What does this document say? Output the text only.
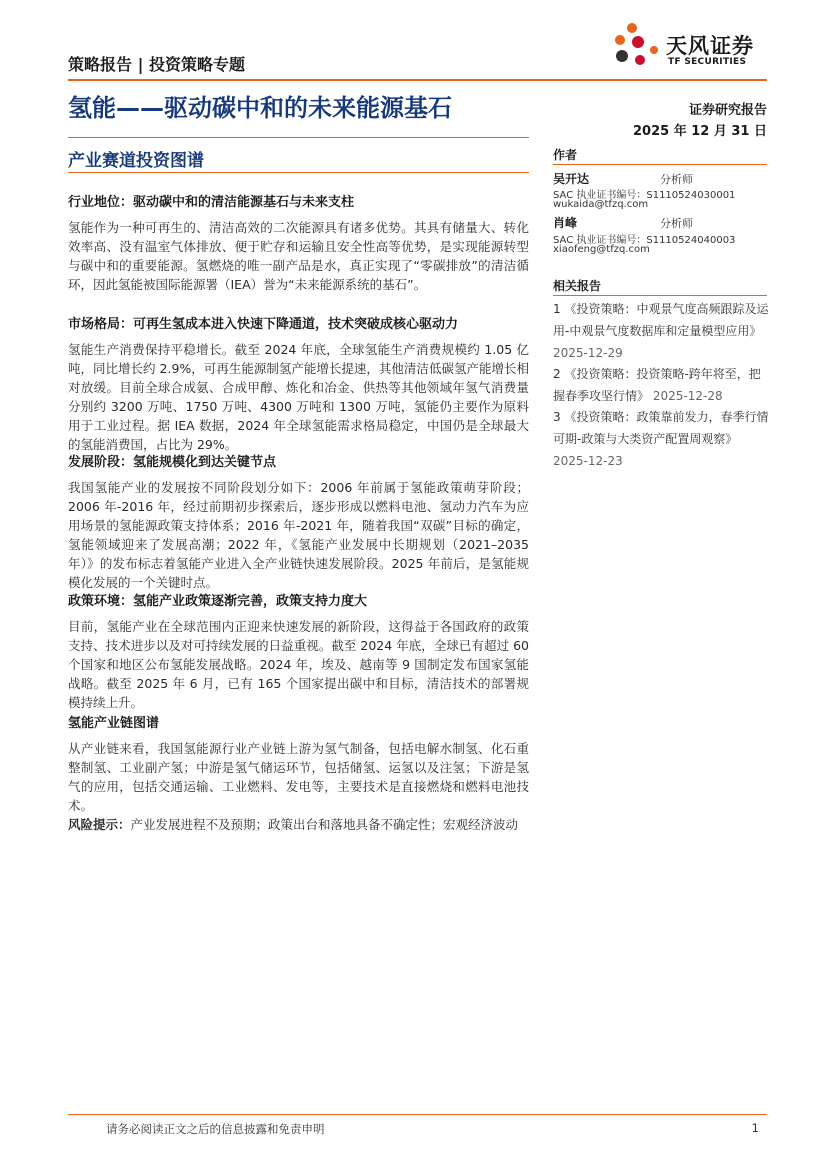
策略报告 | 投资策略专题
天风证券
TF SECURITIES
氢能——驱动碳中和的未来能源基石	证券研究报告
2025 年 12 月 31 日
产业赛道投资图谱
行业地位：驱动碳中和的清洁能源基石与未来支柱
氢能作为一种可再生的、清洁高效的二次能源具有诸多优势。其具有储量大、转化效率高、没有温室气体排放、便于贮存和运输且安全性高等优势，是实现能源转型与碳中和的重要能源。氢燃烧的唯一副产品是水，真正实现了“零碳排放”的清洁循环，因此氢能被国际能源署（IEA）誉为“未来能源系统的基石”。
市场格局：可再生氢成本进入快速下降通道，技术突破成核心驱动力
氢能生产消费保持平稳增长。截至 2024 年底，全球氢能生产消费规模约 1.05 亿吨，同比增长约 2.9%，可再生能源制氢产能增长提速，其他清洁低碳氢产能增长相对放缓。目前全球合成氨、合成甲醇、炼化和冶金、供热等其他领域年氢气消费量分别约 3200 万吨、1750 万吨、4300 万吨和 1300 万吨，氢能仍主要作为原料用于工业过程。据 IEA 数据，2024 年全球氢能需求格局稳定，中国仍是全球最大的氢能消费国，占比为 29%。
发展阶段：氢能规模化到达关键节点
我国氢能产业的发展按不同阶段划分如下：2006 年前属于氢能政策萌芽阶段；2006 年-2016 年，经过前期初步探索后，逐步形成以燃料电池、氢动力汽车为应用场景的氢能源政策支持体系；2016 年-2021 年，随着我国“双碳”目标的确定，氢能领域迎来了发展高潮；2022 年，《氢能产业发展中长期规划（2021–2035 年）》的发布标志着氢能产业进入全产业链快速发展阶段。2025 年前后，是氢能规模化发展的一个关键时点。
政策环境：氢能产业政策逐渐完善，政策支持力度大
目前，氢能产业在全球范围内正迎来快速发展的新阶段，这得益于各国政府的政策支持、技术进步以及对可持续发展的日益重视。截至 2024 年底，全球已有超过 60 个国家和地区公布氢能发展战略。2024 年，埃及、越南等 9 国制定发布国家氢能战略。截至 2025 年 6 月，已有 165 个国家提出碳中和目标，清洁技术的部署规模持续上升。
氢能产业链图谱
从产业链来看，我国氢能源行业产业链上游为氢气制备，包括电解水制氢、化石重整制氢、工业副产氢；中游是氢气储运环节，包括储氢、运氢以及注氢；下游是氢气的应用，包括交通运输、工业燃料、发电等，主要技术是直接燃烧和燃料电池技术。
风险提示：产业发展进程不及预期；政策出台和落地具备不确定性；宏观经济波动
作者
吴开达	分析师
SAC 执业证书编号：S1110524030001
wukaida@tfzq.com
肖峰	分析师
SAC 执业证书编号：S1110524040003
xiaofeng@tfzq.com
相关报告
1 《投资策略：中观景气度高频跟踪及运用-中观景气度数据库和定量模型应用》 2025-12-29
2 《投资策略：投资策略-跨年将至，把握春季攻坚行情》 2025-12-28
3 《投资策略：政策靠前发力，春季行情可期-政策与大类资产配置周观察》 2025-12-23
请务必阅读正文之后的信息披露和免责申明	1
